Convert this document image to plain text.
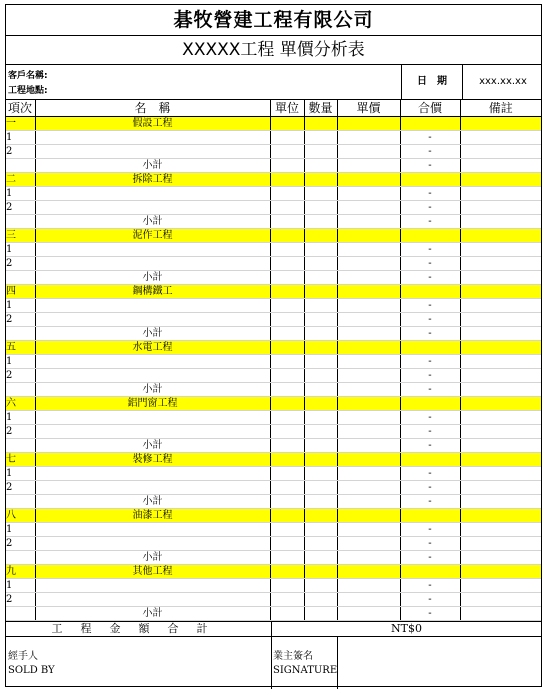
碁牧營建工程有限公司
XXXXX工程 單價分析表
客戶名稱:
工程地點:
日　期	xxx.xx.xx
項次	名　稱	單位	數量	單價	合價	備註
一	假設工程					
1					-	
2					-	
	小計				-	
二	拆除工程					
1					-	
2					-	
	小計				-	
三	泥作工程					
1					-	
2					-	
	小計				-	
四	鋼構鐵工					
1					-	
2					-	
	小計				-	
五	水電工程					
1					-	
2					-	
	小計				-	
六	鋁門窗工程					
1					-	
2					-	
	小計				-	
七	裝修工程					
1					-	
2					-	
	小計				-	
八	油漆工程					
1					-	
2					-	
	小計				-	
九	其他工程					
1					-	
2					-	
	小計				-	
工程金額合計	NT$0
經手人
SOLD BY
業主簽名
SIGNATURE
